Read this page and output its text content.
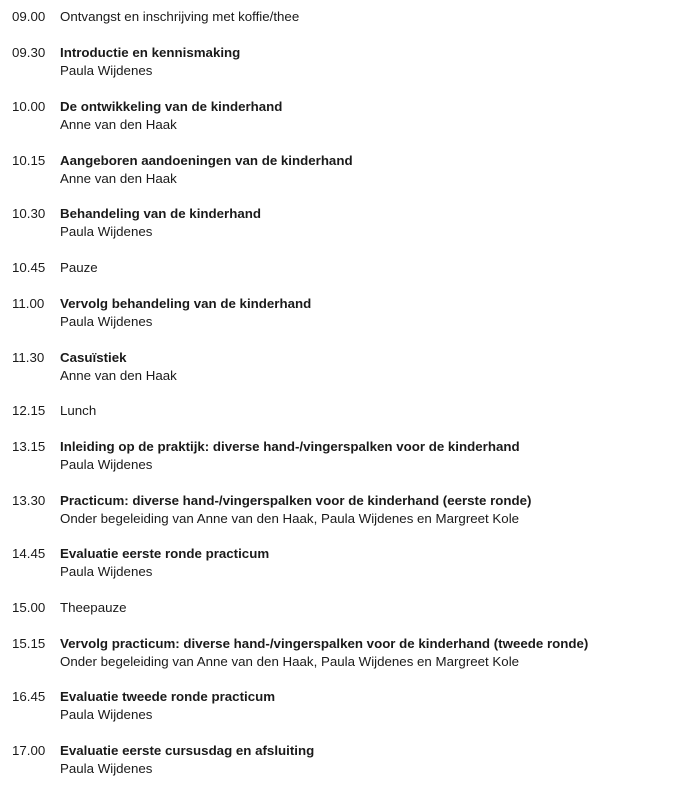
09.00 Ontvangst en inschrijving met koffie/thee
09.30 Introductie en kennismaking
Paula Wijdenes
10.00 De ontwikkeling van de kinderhand
Anne van den Haak
10.15 Aangeboren aandoeningen van de kinderhand
Anne van den Haak
10.30 Behandeling van de kinderhand
Paula Wijdenes
10.45 Pauze
11.00 Vervolg behandeling van de kinderhand
Paula Wijdenes
11.30 Casuïstiek
Anne van den Haak
12.15 Lunch
13.15 Inleiding op de praktijk: diverse hand-/vingerspalken voor de kinderhand
Paula Wijdenes
13.30 Practicum: diverse hand-/vingerspalken voor de kinderhand (eerste ronde)
Onder begeleiding van Anne van den Haak, Paula Wijdenes en Margreet Kole
14.45 Evaluatie eerste ronde practicum
Paula Wijdenes
15.00 Theepauze
15.15 Vervolg practicum: diverse hand-/vingerspalken voor de kinderhand (tweede ronde)
Onder begeleiding van Anne van den Haak, Paula Wijdenes en Margreet Kole
16.45 Evaluatie tweede ronde practicum
Paula Wijdenes
17.00 Evaluatie eerste cursusdag en afsluiting
Paula Wijdenes
